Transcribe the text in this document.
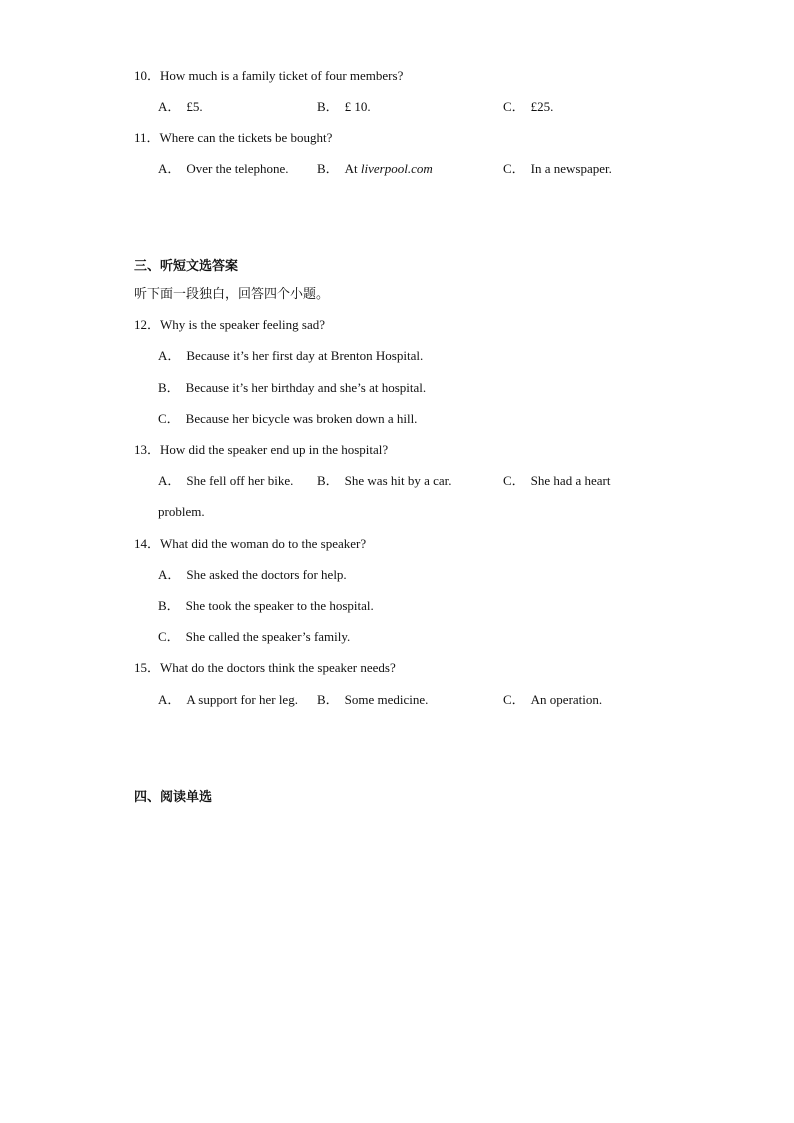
10．How much is a family ticket of four members?
A． £5.	B． £ 10.	C． £25.
11．Where can the tickets be bought?
A． Over the telephone. B． At liverpool.com	C． In a newspaper.
三、听短文选答案
听下面一段独白，回答四个小题。
12．Why is the speaker feeling sad?
A． Because it’s her first day at Brenton Hospital.
B． Because it’s her birthday and she’s at hospital.
C． Because her bicycle was broken down a hill.
13．How did the speaker end up in the hospital?
A． She fell off her bike. B． She was hit by a car.	C． She had a heart
problem.
14．What did the woman do to the speaker?
A． She asked the doctors for help.
B． She took the speaker to the hospital.
C． She called the speaker’s family.
15．What do the doctors think the speaker needs?
A． A support for her leg. B． Some medicine.	C． An operation.
四、阅读单选
